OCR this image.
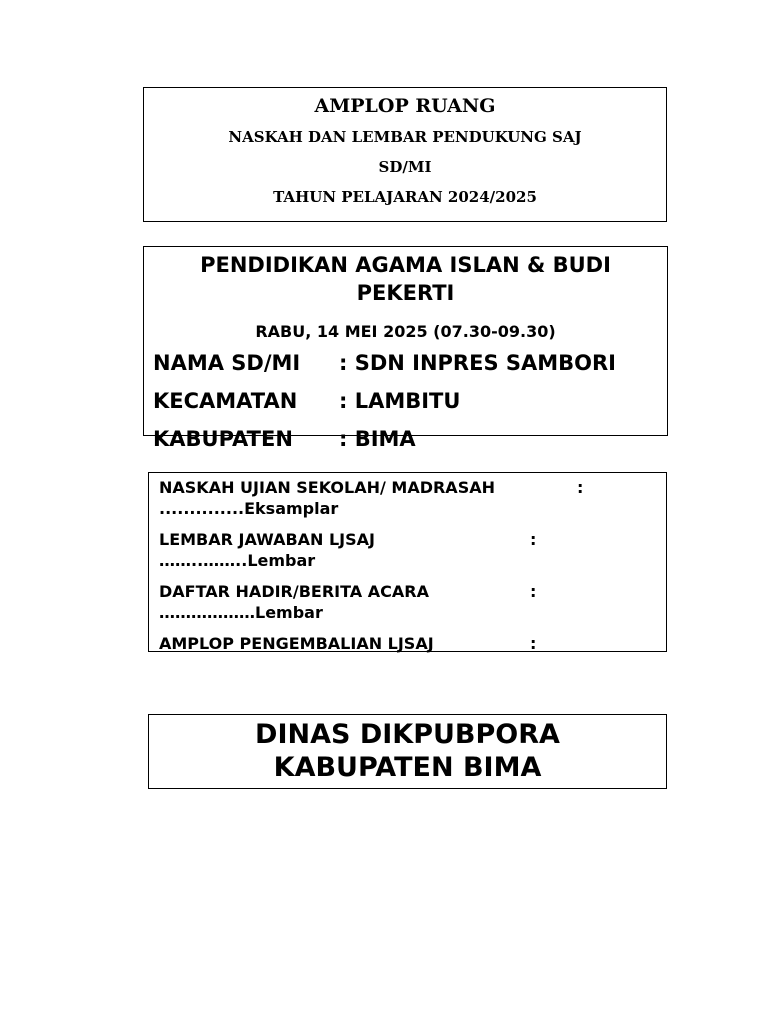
AMPLOP RUANG
NASKAH DAN LEMBAR PENDUKUNG SAJ
SD/MI
TAHUN PELAJARAN 2024/2025
PENDIDIKAN AGAMA ISLAN & BUDI PEKERTI
RABU, 14 MEI 2025 (07.30-09.30)
NAMA SD/MI : SDN INPRES SAMBORI
KECAMATAN : LAMBITU
KABUPATEN : BIMA
NASKAH UJIAN SEKOLAH/ MADRASAH	:
..............Eksamplar
LEMBAR JAWABAN LJSAJ	:
……..……..Lembar
DAFTAR HADIR/BERITA ACARA	:
………………Lembar
AMPLOP PENGEMBALIAN LJSAJ	:
DINAS DIKPUBPORA
KABUPATEN BIMA
